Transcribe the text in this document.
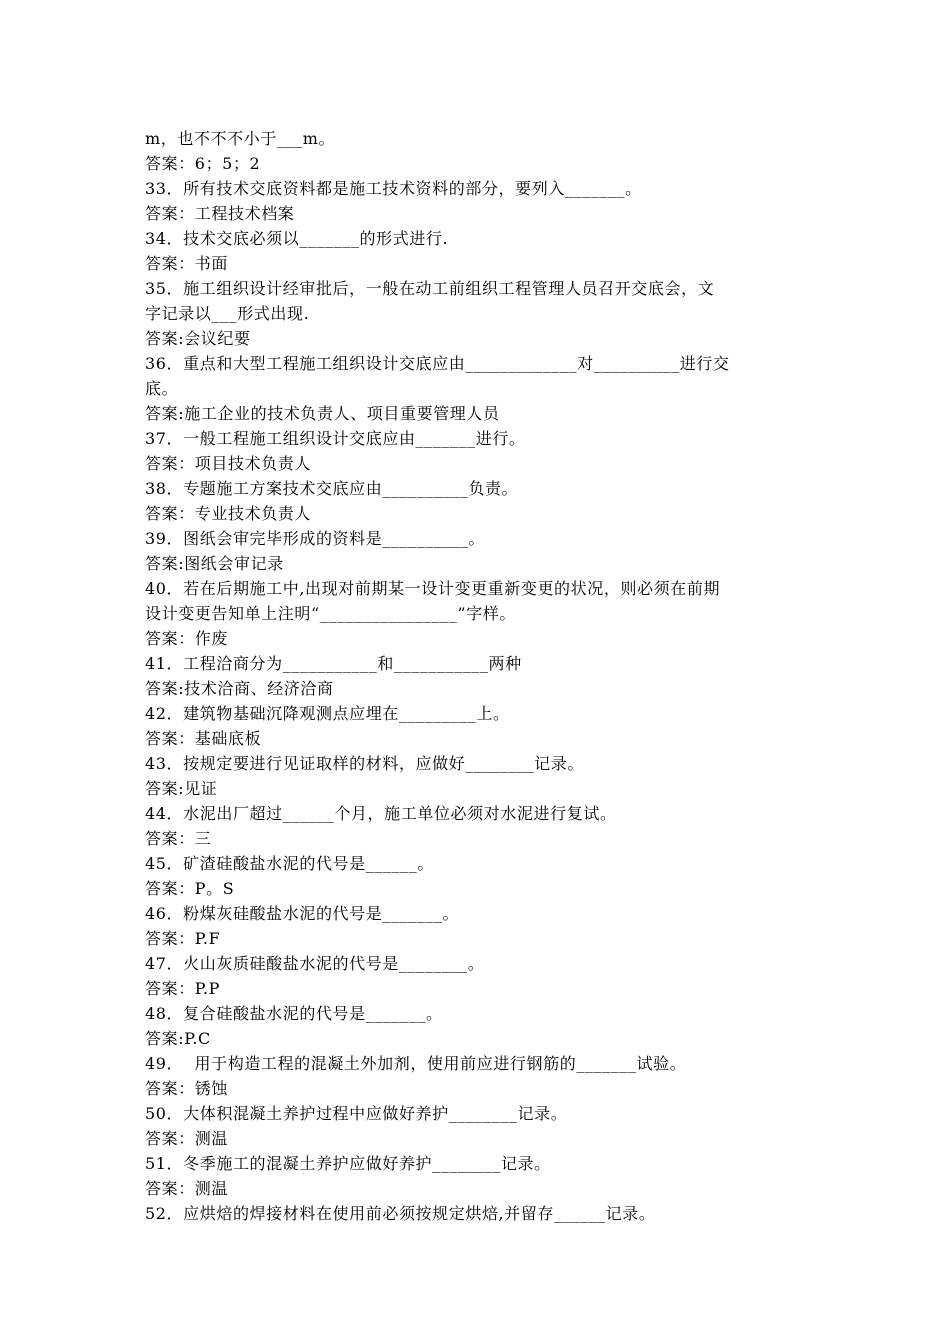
m，也不不不小于___m。
答案：6；5；2
33．所有技术交底资料都是施工技术资料的部分，要列入_______。
答案：工程技术档案
34．技术交底必须以_______的形式进行.
答案：书面
35．施工组织设计经审批后，一般在动工前组织工程管理人员召开交底会，文
字记录以___形式出现.
答案:会议纪要
36．重点和大型工程施工组织设计交底应由_____________对__________进行交
底。
答案:施工企业的技术负责人、项目重要管理人员
37．一般工程施工组织设计交底应由_______进行。
答案：项目技术负责人
38．专题施工方案技术交底应由__________负责。
答案：专业技术负责人
39．图纸会审完毕形成的资料是__________。
答案:图纸会审记录
40．若在后期施工中,出现对前期某一设计变更重新变更的状况，则必须在前期
设计变更告知单上注明“________________”字样。
答案：作废
41．工程洽商分为___________和___________两种
答案:技术洽商、经济洽商
42．建筑物基础沉降观测点应埋在_________上。
答案：基础底板
43．按规定要进行见证取样的材料，应做好________记录。
答案:见证
44．水泥出厂超过______个月，施工单位必须对水泥进行复试。
答案：三
45．矿渣硅酸盐水泥的代号是______。
答案：P。S
46．粉煤灰硅酸盐水泥的代号是_______。
答案：P.F
47．火山灰质硅酸盐水泥的代号是________。
答案：P.P
48．复合硅酸盐水泥的代号是_______。
答案:P.C
49．  用于构造工程的混凝土外加剂，使用前应进行钢筋的_______试验。
答案：锈蚀
50．大体积混凝土养护过程中应做好养护________记录。
答案：测温
51．冬季施工的混凝土养护应做好养护________记录。
答案：测温
52．应烘焙的焊接材料在使用前必须按规定烘焙,并留存______记录。
